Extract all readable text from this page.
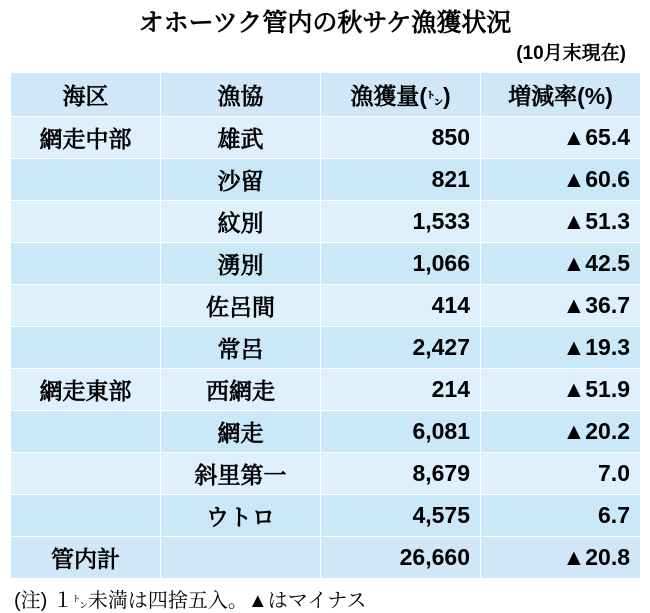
オホーツク管内の秋サケ漁獲状況
(10月末現在)
海区	漁協	漁獲量(㌧)	増減率(%)
網走中部	雄武	850	▲65.4
	沙留	821	▲60.6
	紋別	1,533	▲51.3
	湧別	1,066	▲42.5
	佐呂間	414	▲36.7
	常呂	2,427	▲19.3
網走東部	西網走	214	▲51.9
	網走	6,081	▲20.2
	斜里第一	8,679	7.0
	ウトロ	4,575	6.7
管内計		26,660	▲20.8
(注) １㌧未満は四捨五入。▲はマイナス
